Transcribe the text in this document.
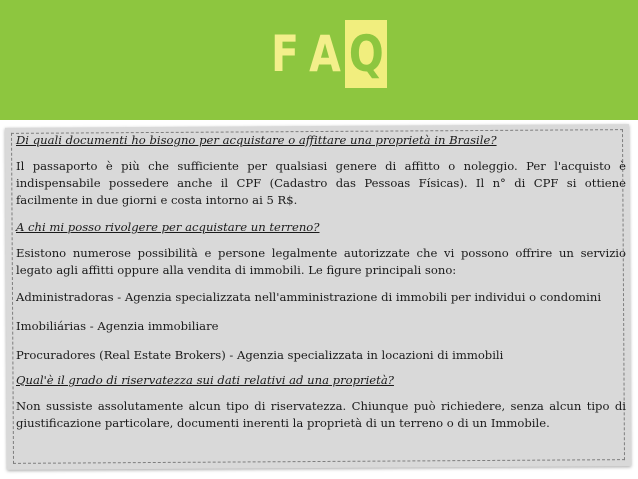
F A Q
Di quali documenti ho bisogno per acquistare o affittare una proprietà in Brasile?
Il passaporto è più che sufficiente per qualsiasi genere di affitto o noleggio. Per l'acquisto è indispensabile possedere anche il CPF (Cadastro das Pessoas Físicas). Il n° di CPF si ottiene facilmente in due giorni e costa intorno ai 5 R$.
A chi mi posso rivolgere per acquistare un terreno?
Esistono numerose possibilità e persone legalmente autorizzate che vi possono offrire un servizio legato agli affitti oppure alla vendita di immobili. Le figure principali sono:
Administradoras - Agenzia specializzata nell'amministrazione di immobili per individui o condomini
Imobiliárias - Agenzia immobiliare
Procuradores (Real Estate Brokers) - Agenzia specializzata in locazioni di immobili
Qual'è il grado di riservatezza sui dati relativi ad una proprietà?
Non sussiste assolutamente alcun tipo di riservatezza. Chiunque può richiedere, senza alcun tipo di giustificazione particolare, documenti inerenti la proprietà di un terreno o di un Immobile.
